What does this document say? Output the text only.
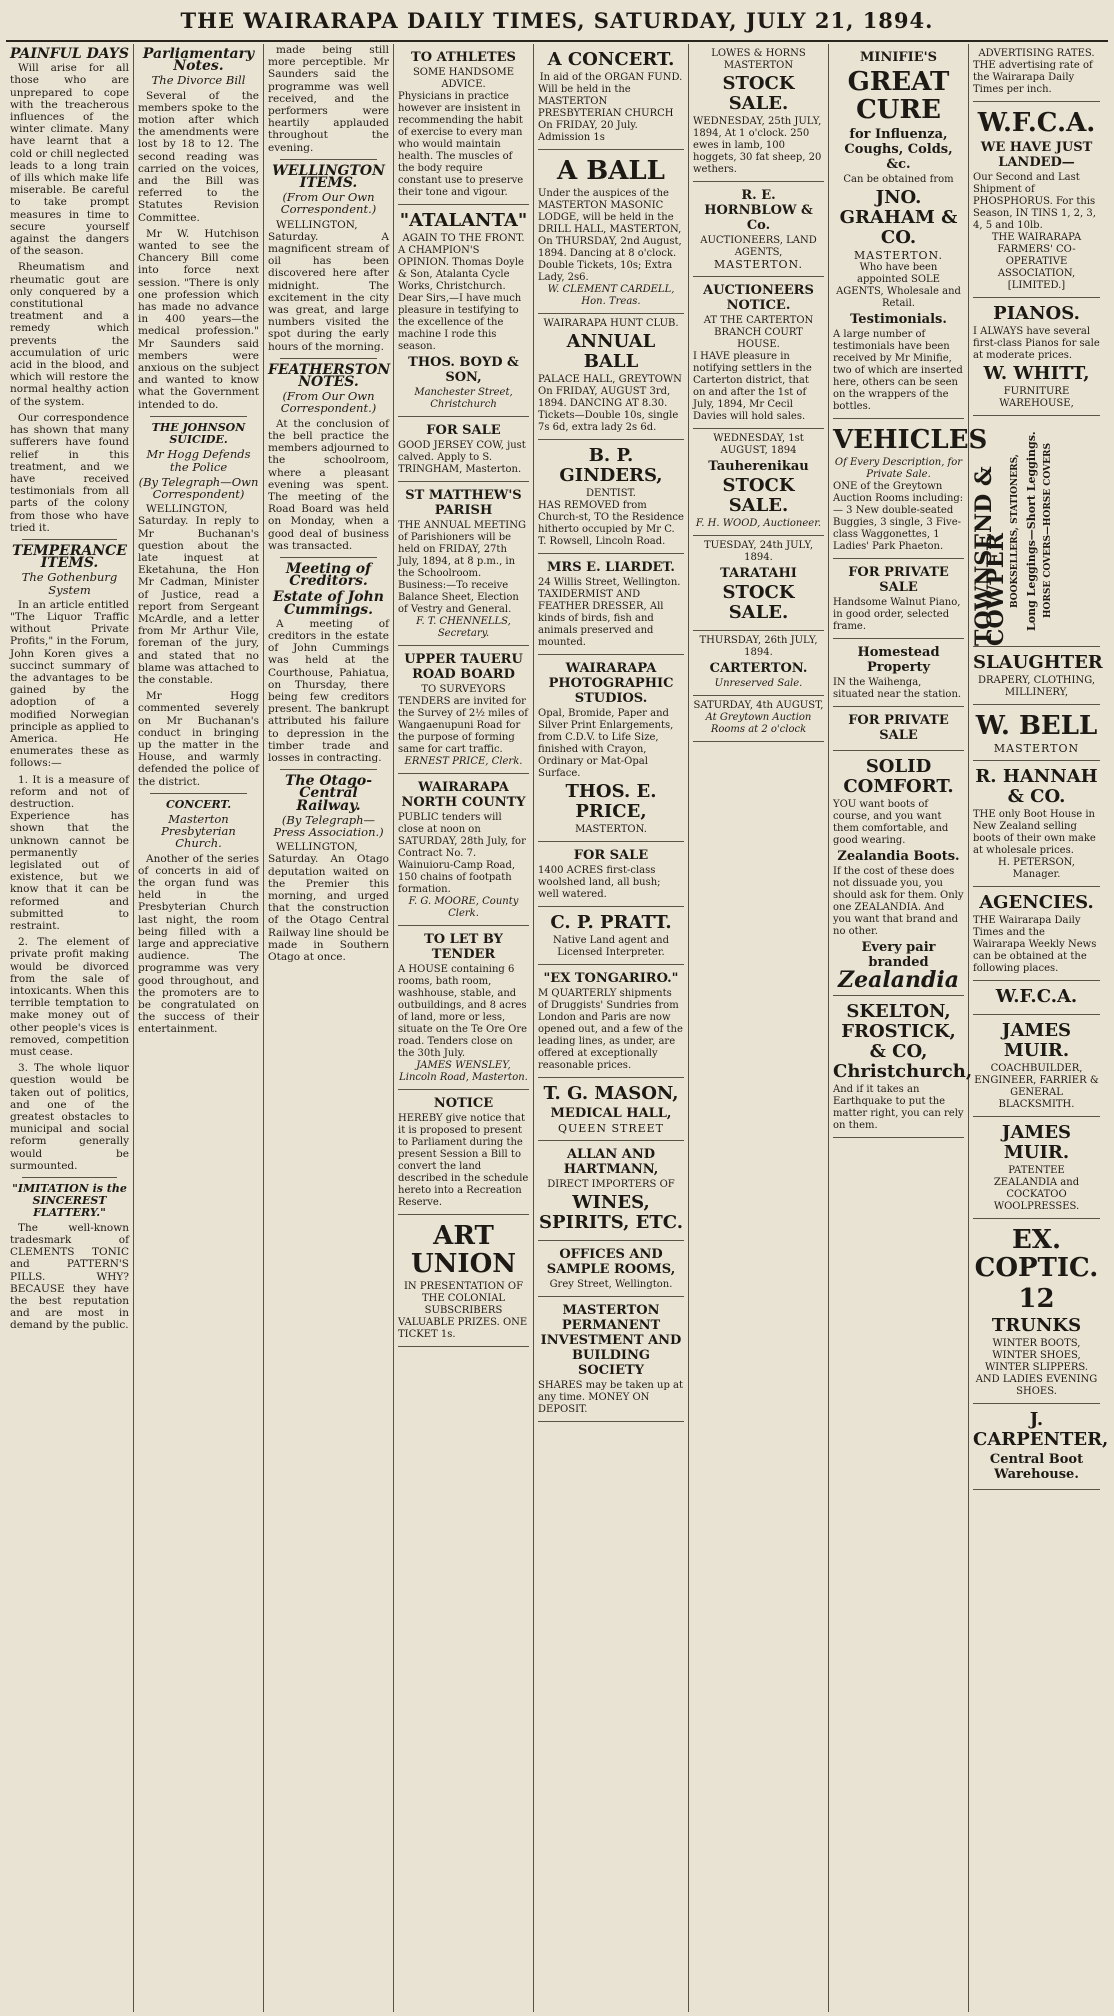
THE WAIRARAPA DAILY TIMES, SATURDAY, JULY 21, 1894.
PAINFUL DAYS

Will arise for all those who are unprepared to cope with the treacherous influences of the winter climate. Many have learnt that a cold or chill neglected leads to a long train of ills which make life miserable. Be careful to take prompt measures in time to secure yourself against the dangers of the season.

Rheumatism and rheumatic gout are only conquered by a constitutional treatment and a remedy which prevents the accumulation of uric acid in the blood, and which will restore the normal healthy action of the system.

Our correspondence has shown that many sufferers have found relief in this treatment, and we have received testimonials from all parts of the colony from those who have tried it.

TEMPERANCE ITEMS.
The Gothenburg System

In an article entitled "The Liquor Traffic without Private Profits," in the Forum, John Koren gives a succinct summary of the advantages to be gained by the adoption of a modified Norwegian principle as applied to America. He enumerates these as follows:—

1. It is a measure of reform and not of destruction. Experience has shown that the unknown cannot be permanently legislated out of existence, but we know that it can be reformed and submitted to restraint.

2. The element of private profit making would be divorced from the sale of intoxicants. When this terrible temptation to make money out of other people's vices is removed, competition must cease.

3. The whole liquor question would be taken out of politics, and one of the greatest obstacles to municipal and social reform generally would be surmounted.

"IMITATION is the SINCEREST FLATTERY."

The well-known tradesmark of CLEMENTS TONIC and PATTERN'S PILLS. WHY? BECAUSE they have the best reputation and are most in demand by the public.

Parliamentary Notes.
The Divorce Bill

Several of the members spoke to the motion after which the amendments were lost by 18 to 12. The second reading was carried on the voices, and the Bill was referred to the Statutes Revision Committee.

Mr W. Hutchison wanted to see the Chancery Bill come into force next session. "There is only one profession which has made no advance in 400 years—the medical profession." Mr Saunders said members were anxious on the subject and wanted to know what the Government intended to do.

THE JOHNSON SUICIDE.
Mr Hogg Defends the Police
(By Telegraph—Own Correspondent)

WELLINGTON, Saturday. In reply to Mr Buchanan's question about the late inquest at Eketahuna, the Hon Mr Cadman, Minister of Justice, read a report from Sergeant McArdle, and a letter from Mr Arthur Vile, foreman of the jury, and stated that no blame was attached to the constable.

Mr Hogg commented severely on Mr Buchanan's conduct in bringing up the matter in the House, and warmly defended the police of the district.

CONCERT.
Masterton Presbyterian Church.

Another of the series of concerts in aid of the organ fund was held in the Presbyterian Church last night, the room being filled with a large and appreciative audience. The programme was very good throughout, and the promoters are to be congratulated on the success of their entertainment.

made being still more perceptible. Mr Saunders said the programme was well received, and the performers were heartily applauded throughout the evening.

WELLINGTON ITEMS.
(From Our Own Correspondent.)

WELLINGTON, Saturday. A magnificent stream of oil has been discovered here after midnight. The excitement in the city was great, and large numbers visited the spot during the early hours of the morning.

FEATHERSTON NOTES.
(From Our Own Correspondent.)

At the conclusion of the bell practice the members adjourned to the schoolroom, where a pleasant evening was spent. The meeting of the Road Board was held on Monday, when a good deal of business was transacted.

Meeting of Creditors.
Estate of John Cummings.

A meeting of creditors in the estate of John Cummings was held at the Courthouse, Pahiatua, on Thursday, there being few creditors present. The bankrupt attributed his failure to depression in the timber trade and losses in contracting.

The Otago-Central Railway.
(By Telegraph—Press Association.)

WELLINGTON, Saturday. An Otago deputation waited on the Premier this morning, and urged that the construction of the Otago Central Railway line should be made in Southern Otago at once.

TO ATHLETES
SOME HANDSOME ADVICE.
Physicians in practice however are insistent in recommending the habit of exercise to every man who would maintain health. The muscles of the body require constant use to preserve their tone and vigour.
"ATALANTA"
AGAIN TO THE FRONT.
A CHAMPION'S OPINION. Thomas Doyle & Son, Atalanta Cycle Works, Christchurch. Dear Sirs,—I have much pleasure in testifying to the excellence of the machine I rode this season.
THOS. BOYD & SON,
Manchester Street, Christchurch
FOR SALE
GOOD JERSEY COW, just calved. Apply to S. TRINGHAM, Masterton.
ST MATTHEW'S PARISH
THE ANNUAL MEETING of Parishioners will be held on FRIDAY, 27th July, 1894, at 8 p.m., in the Schoolroom. Business:—To receive Balance Sheet, Election of Vestry and General.
F. T. CHENNELLS, Secretary.
UPPER TAUERU ROAD BOARD
TO SURVEYORS
TENDERS are invited for the Survey of 2½ miles of Wangaenupuni Road for the purpose of forming same for cart traffic.
ERNEST PRICE, Clerk.
WAIRARAPA NORTH COUNTY
PUBLIC tenders will close at noon on SATURDAY, 28th July, for Contract No. 7. Wainuioru-Camp Road, 150 chains of footpath formation.
F. G. MOORE, County Clerk.
TO LET BY TENDER
A HOUSE containing 6 rooms, bath room, washhouse, stable, and outbuildings, and 8 acres of land, more or less, situate on the Te Ore Ore road. Tenders close on the 30th July.
JAMES WENSLEY, Lincoln Road, Masterton.
NOTICE
HEREBY give notice that it is proposed to present to Parliament during the present Session a Bill to convert the land described in the schedule hereto into a Recreation Reserve.
ART UNION
IN PRESENTATION OF THE COLONIAL SUBSCRIBERS
VALUABLE PRIZES. ONE TICKET 1s.
A CONCERT.
In aid of the ORGAN FUND.
Will be held in the MASTERTON PRESBYTERIAN CHURCH On FRIDAY, 20 July. Admission 1s
A BALL
Under the auspices of the MASTERTON MASONIC LODGE, will be held in the DRILL HALL, MASTERTON, On THURSDAY, 2nd August, 1894. Dancing at 8 o'clock. Double Tickets, 10s; Extra Lady, 2s6.
W. CLEMENT CARDELL, Hon. Treas.
WAIRARAPA HUNT CLUB.
ANNUAL BALL
PALACE HALL, GREYTOWN On FRIDAY, AUGUST 3rd, 1894. DANCING AT 8.30. Tickets—Double 10s, single 7s 6d, extra lady 2s 6d.
B. P. GINDERS,
DENTIST.
HAS REMOVED from Church-st, TO the Residence hitherto occupied by Mr C. T. Rowsell, Lincoln Road.
MRS E. LIARDET.
24 Willis Street, Wellington. TAXIDERMIST AND FEATHER DRESSER, All kinds of birds, fish and animals preserved and mounted.
WAIRARAPA PHOTOGRAPHIC STUDIOS.
Opal, Bromide, Paper and Silver Print Enlargements, from C.D.V. to Life Size, finished with Crayon, Ordinary or Mat-Opal Surface.
THOS. E. PRICE,
MASTERTON.
FOR SALE
1400 ACRES first-class woolshed land, all bush; well watered.
C. P. PRATT.
Native Land agent and Licensed Interpreter.
"EX TONGARIRO."
M QUARTERLY shipments of Druggists' Sundries from London and Paris are now opened out, and a few of the leading lines, as under, are offered at exceptionally reasonable prices.
T. G. MASON,
MEDICAL HALL,
QUEEN STREET
ALLAN AND HARTMANN,
DIRECT IMPORTERS OF
WINES, SPIRITS, ETC.
OFFICES AND SAMPLE ROOMS,
Grey Street, Wellington.
MASTERTON PERMANENT INVESTMENT AND BUILDING SOCIETY
SHARES may be taken up at any time. MONEY ON DEPOSIT.
LOWES & HORNS
MASTERTON
STOCK SALE.
WEDNESDAY, 25th JULY, 1894, At 1 o'clock. 250 ewes in lamb, 100 hoggets, 30 fat sheep, 20 wethers.
R. E. HORNBLOW & Co.
AUCTIONEERS, LAND AGENTS,
MASTERTON.
AUCTIONEERS NOTICE.
AT THE CARTERTON BRANCH COURT HOUSE.
I HAVE pleasure in notifying settlers in the Carterton district, that on and after the 1st of July, 1894, Mr Cecil Davies will hold sales.
WEDNESDAY, 1st AUGUST, 1894
Tauherenikau
STOCK SALE.
F. H. WOOD, Auctioneer.
TUESDAY, 24th JULY, 1894.
TARATAHI
STOCK SALE.
THURSDAY, 26th JULY, 1894.
CARTERTON.
Unreserved Sale.
SATURDAY, 4th AUGUST,
At Greytown Auction Rooms at 2 o'clock
MINIFIE'S
GREAT CURE
for Influenza, Coughs, Colds, &c.
Can be obtained from
JNO. GRAHAM & CO.
MASTERTON.
Who have been appointed SOLE AGENTS, Wholesale and Retail.
Testimonials.
A large number of testimonials have been received by Mr Minifie, two of which are inserted here, others can be seen on the wrappers of the bottles.
VEHICLES
Of Every Description, for Private Sale.
ONE of the Greytown Auction Rooms including:— 3 New double-seated Buggies, 3 single, 3 Five-class Waggonettes, 1 Ladies' Park Phaeton.
FOR PRIVATE SALE
Handsome Walnut Piano, in good order, selected frame.
Homestead Property
IN the Waihenga, situated near the station.
FOR PRIVATE SALE
SOLID COMFORT.
YOU want boots of course, and you want them comfortable, and good wearing.
Zealandia Boots.
If the cost of these does not dissuade you, you should ask for them. Only one ZEALANDIA. And you want that brand and no other.
Every pair branded
Zealandia
SKELTON, FROSTICK, & CO, Christchurch,
And if it takes an Earthquake to put the matter right, you can rely on them.
ADVERTISING RATES.
THE advertising rate of the Wairarapa Daily Times per inch.
W.F.C.A.
WE HAVE JUST LANDED—
Our Second and Last Shipment of PHOSPHORUS. For this Season, IN TINS 1, 2, 3, 4, 5 and 10lb.
THE WAIRARAPA FARMERS' CO-OPERATIVE ASSOCIATION, [LIMITED.]
PIANOS.
I ALWAYS have several first-class Pianos for sale at moderate prices.
W. WHITT,
FURNITURE WAREHOUSE,
TOWNSEND & COWPER BOOKSELLERS, STATIONERS, Long Leggings—Short Leggings. HORSE COVERS—HORSE COVERS
SLAUGHTER
DRAPERY, CLOTHING, MILLINERY,
W. BELL
MASTERTON
R. HANNAH & CO.
THE only Boot House in New Zealand selling boots of their own make at wholesale prices.
H. PETERSON, Manager.
AGENCIES.
THE Wairarapa Daily Times and the Wairarapa Weekly News can be obtained at the following places.
W.F.C.A.
JAMES MUIR.
COACHBUILDER, ENGINEER, FARRIER & GENERAL BLACKSMITH.
JAMES MUIR.
PATENTEE
ZEALANDIA and COCKATOO WOOLPRESSES.
EX. COPTIC.
12
TRUNKS
WINTER BOOTS, WINTER SHOES, WINTER SLIPPERS. AND LADIES EVENING SHOES.
J. CARPENTER,
Central Boot Warehouse.
